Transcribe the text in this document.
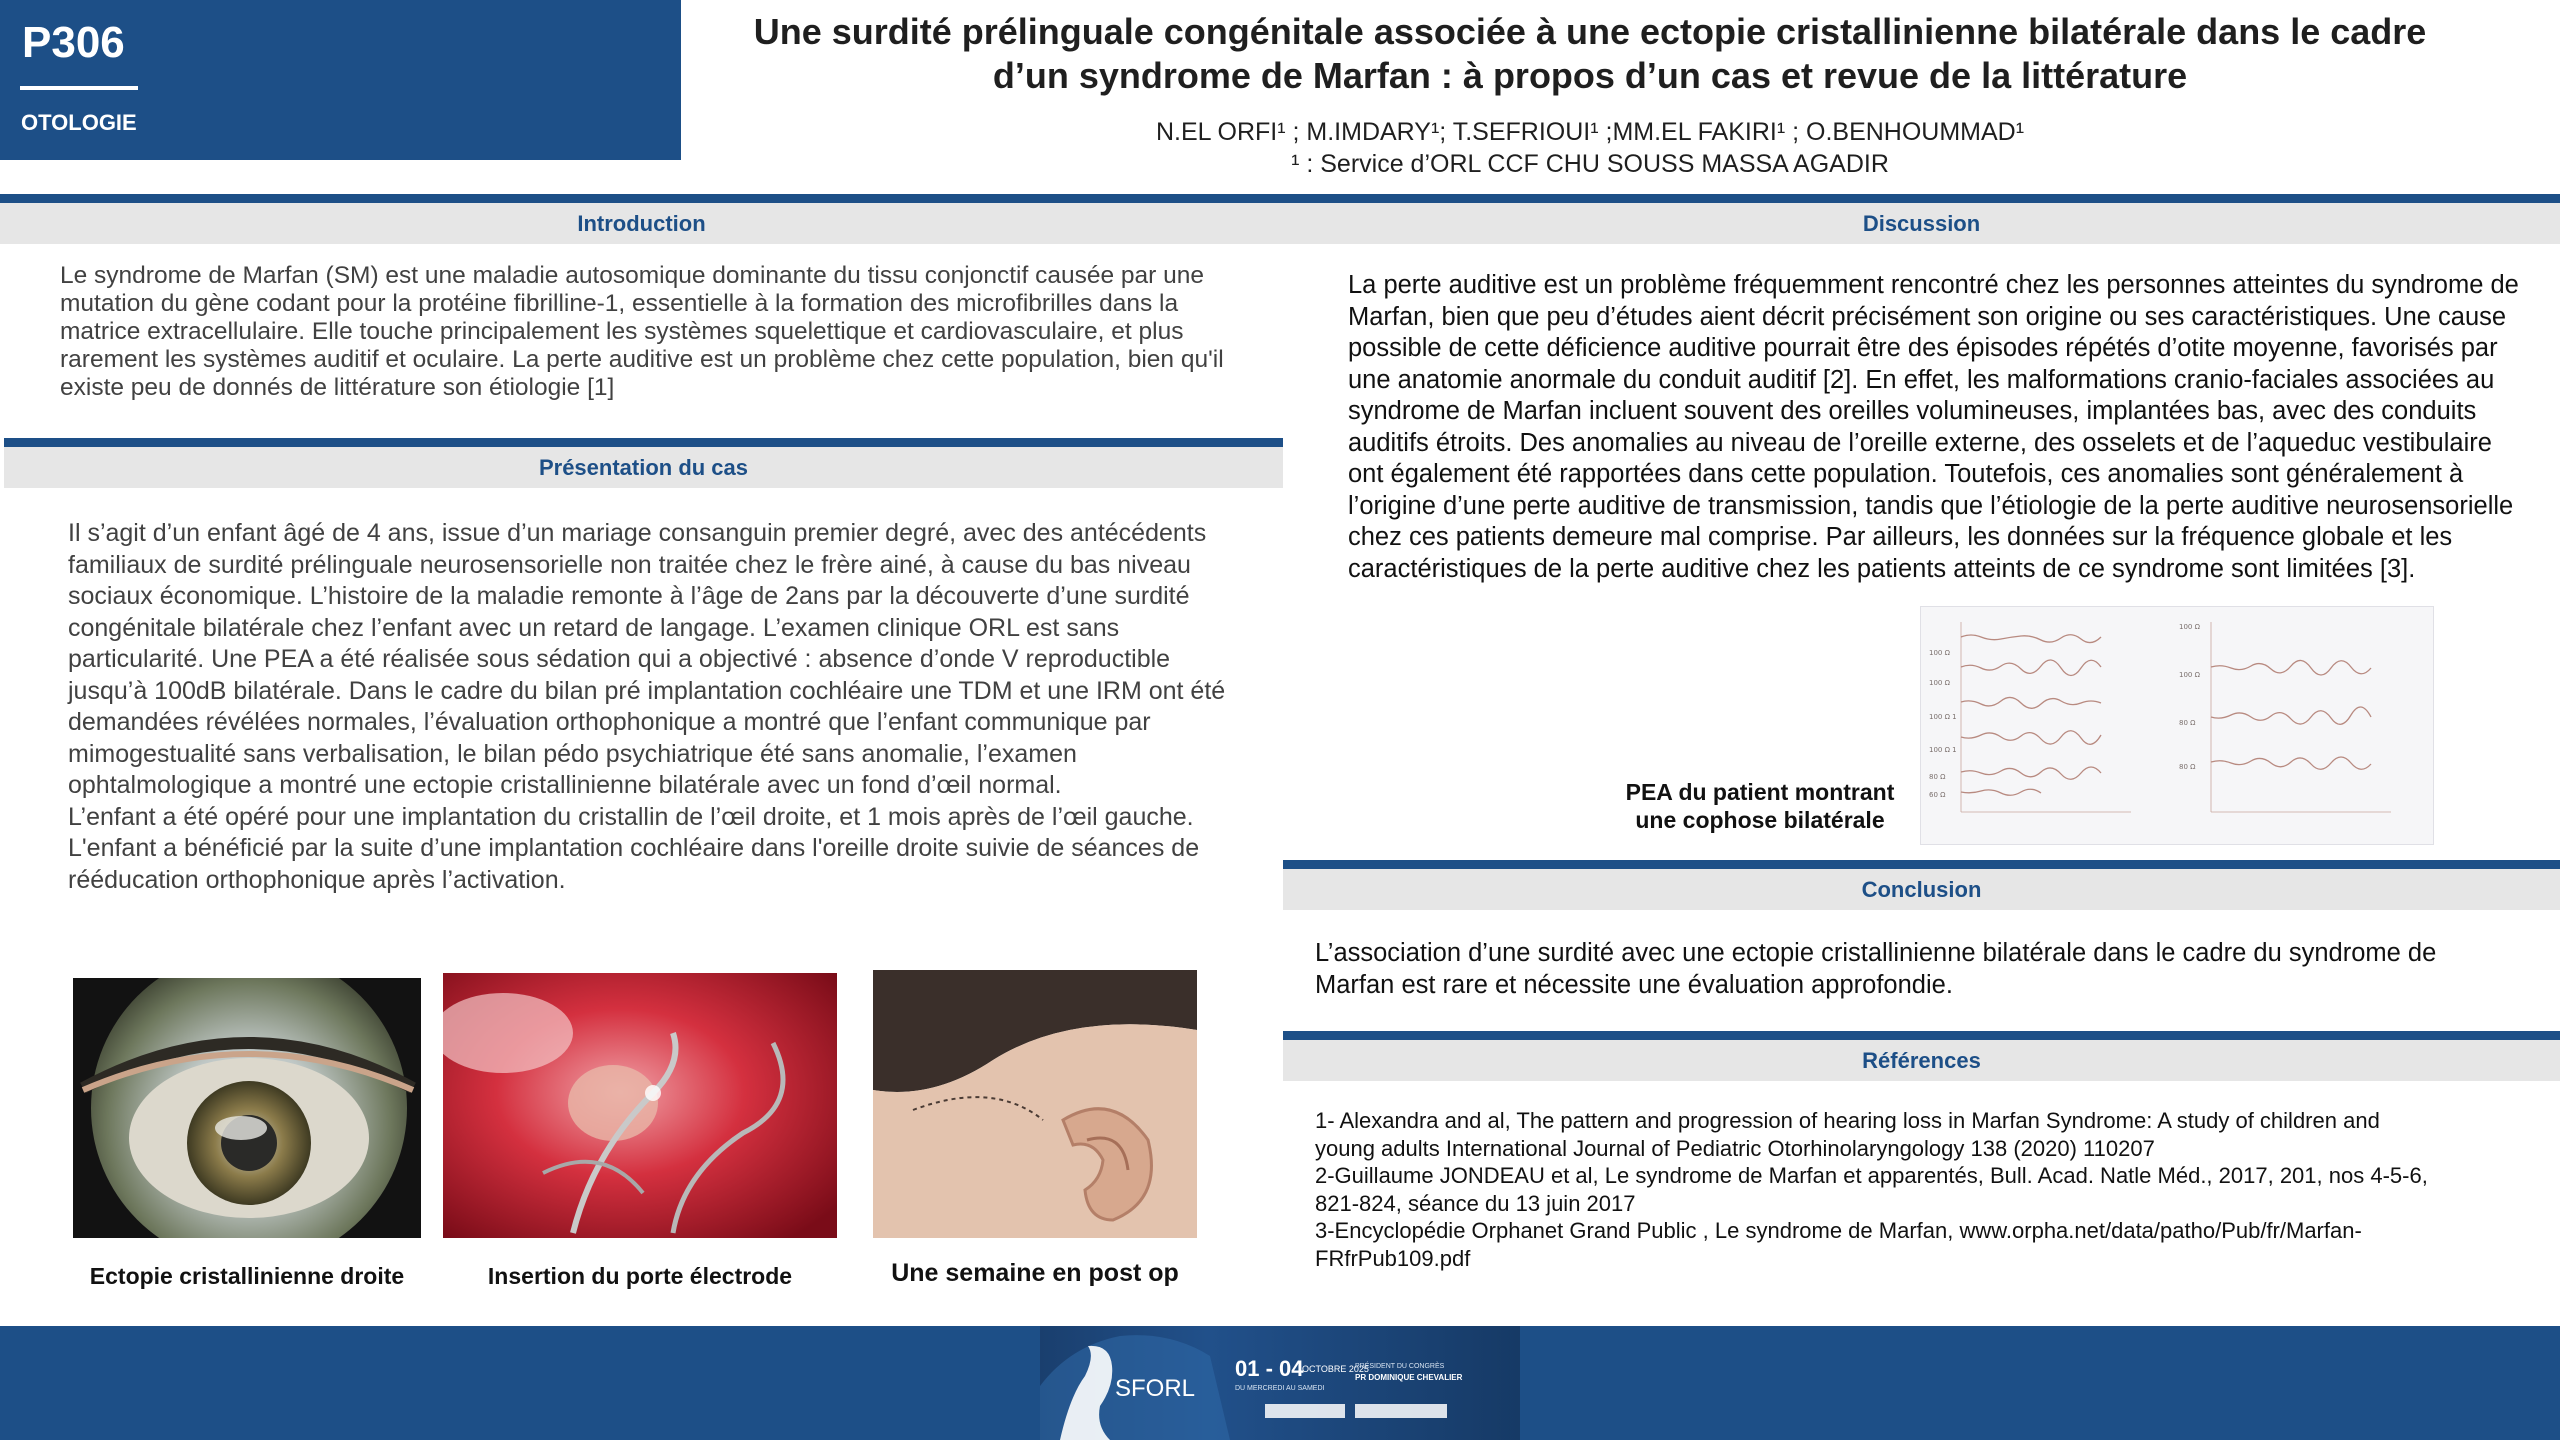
P306
OTOLOGIE
Une surdité prélinguale congénitale associée à une ectopie cristallinienne bilatérale dans le cadre
d’un syndrome de Marfan : à propos d’un cas et revue de la littérature
N.EL ORFI¹ ; M.IMDARY¹; T.SEFRIOUI¹ ;MM.EL FAKIRI¹ ; O.BENHOUMMAD¹
¹ : Service d’ORL CCF CHU SOUSS MASSA AGADIR
Introduction
Le syndrome de Marfan (SM) est une maladie autosomique dominante du tissu conjonctif causée par une mutation du gène codant pour la protéine fibrilline-1, essentielle à la formation des microfibrilles dans la matrice extracellulaire. Elle touche principalement les systèmes squelettique et cardiovasculaire, et plus rarement les systèmes auditif et oculaire. La perte auditive est un problème chez cette population, bien qu'il existe peu de donnés de littérature son étiologie [1]
Présentation du cas

Il s’agit d’un enfant âgé de 4 ans, issue d’un mariage consanguin premier degré, avec des antécédents familiaux de surdité prélinguale neurosensorielle non traitée chez le frère ainé, à cause du bas niveau sociaux économique. L’histoire de la maladie remonte à l’âge de 2ans par la découverte d’une surdité congénitale bilatérale chez l’enfant avec un retard de langage. L’examen clinique ORL est sans particularité. Une PEA a été réalisée sous sédation qui a objectivé : absence d’onde V reproductible jusqu’à 100dB bilatérale. Dans le cadre du bilan pré implantation cochléaire une TDM et une IRM ont été demandées révélées normales, l’évaluation orthophonique a montré que l’enfant communique par mimogestualité sans verbalisation, le bilan pédo psychiatrique été sans anomalie, l’examen ophtalmologique a montré une ectopie cristallinienne bilatérale avec un fond d’œil normal.

L’enfant a été opéré pour une implantation du cristallin de l’œil droite, et 1 mois après de l’œil gauche.

L'enfant a bénéficié par la suite d’une implantation cochléaire dans l'oreille droite suivie de séances de rééducation orthophonique après l’activation.

Ectopie cristallinienne droite	Insertion du porte électrode	Une semaine en post op
Discussion
La perte auditive est un problème fréquemment rencontré chez les personnes atteintes du syndrome de Marfan, bien que peu d’études aient décrit précisément son origine ou ses caractéristiques. Une cause possible de cette déficience auditive pourrait être des épisodes répétés d’otite moyenne, favorisés par une anatomie anormale du conduit auditif [2]. En effet, les malformations cranio-faciales associées au syndrome de Marfan incluent souvent des oreilles volumineuses, implantées bas, avec des conduits auditifs étroits. Des anomalies au niveau de l’oreille externe, des osselets et de l’aqueduc vestibulaire ont également été rapportées dans cette population. Toutefois, ces anomalies sont généralement à l’origine d’une perte auditive de transmission, tandis que l’étiologie de la perte auditive neurosensorielle chez ces patients demeure mal comprise. Par ailleurs, les données sur la fréquence globale et les caractéristiques de la perte auditive chez les patients atteints de ce syndrome sont limitées [3].
PEA du patient montrant
une cophose bilatérale
100 Ω
100 Ω
100 Ω 1
100 Ω 1
80 Ω
60 Ω
100 Ω
100 Ω
80 Ω
80 Ω
Conclusion
L’association d’une surdité avec une ectopie cristallinienne bilatérale dans le cadre du syndrome de Marfan est rare et nécessite une évaluation approfondie.
Références
1- Alexandra and al, The pattern and progression of hearing loss in Marfan Syndrome: A study of children and young adults International Journal of Pediatric Otorhinolaryngology 138 (2020) 110207
2-Guillaume JONDEAU et al, Le syndrome de Marfan et apparentés, Bull. Acad. Natle Méd., 2017, 201, nos 4-5-6, 821-824, séance du 13 juin 2017
3-Encyclopédie Orphanet Grand Public , Le syndrome de Marfan, www.orpha.net/data/patho/Pub/fr/Marfan-FRfrPub109.pdf
SFORL
01 - 04
OCTOBRE 2025
DU MERCREDI AU SAMEDI
PRÉSIDENT DU CONGRÈS
PR DOMINIQUE CHEVALIER
